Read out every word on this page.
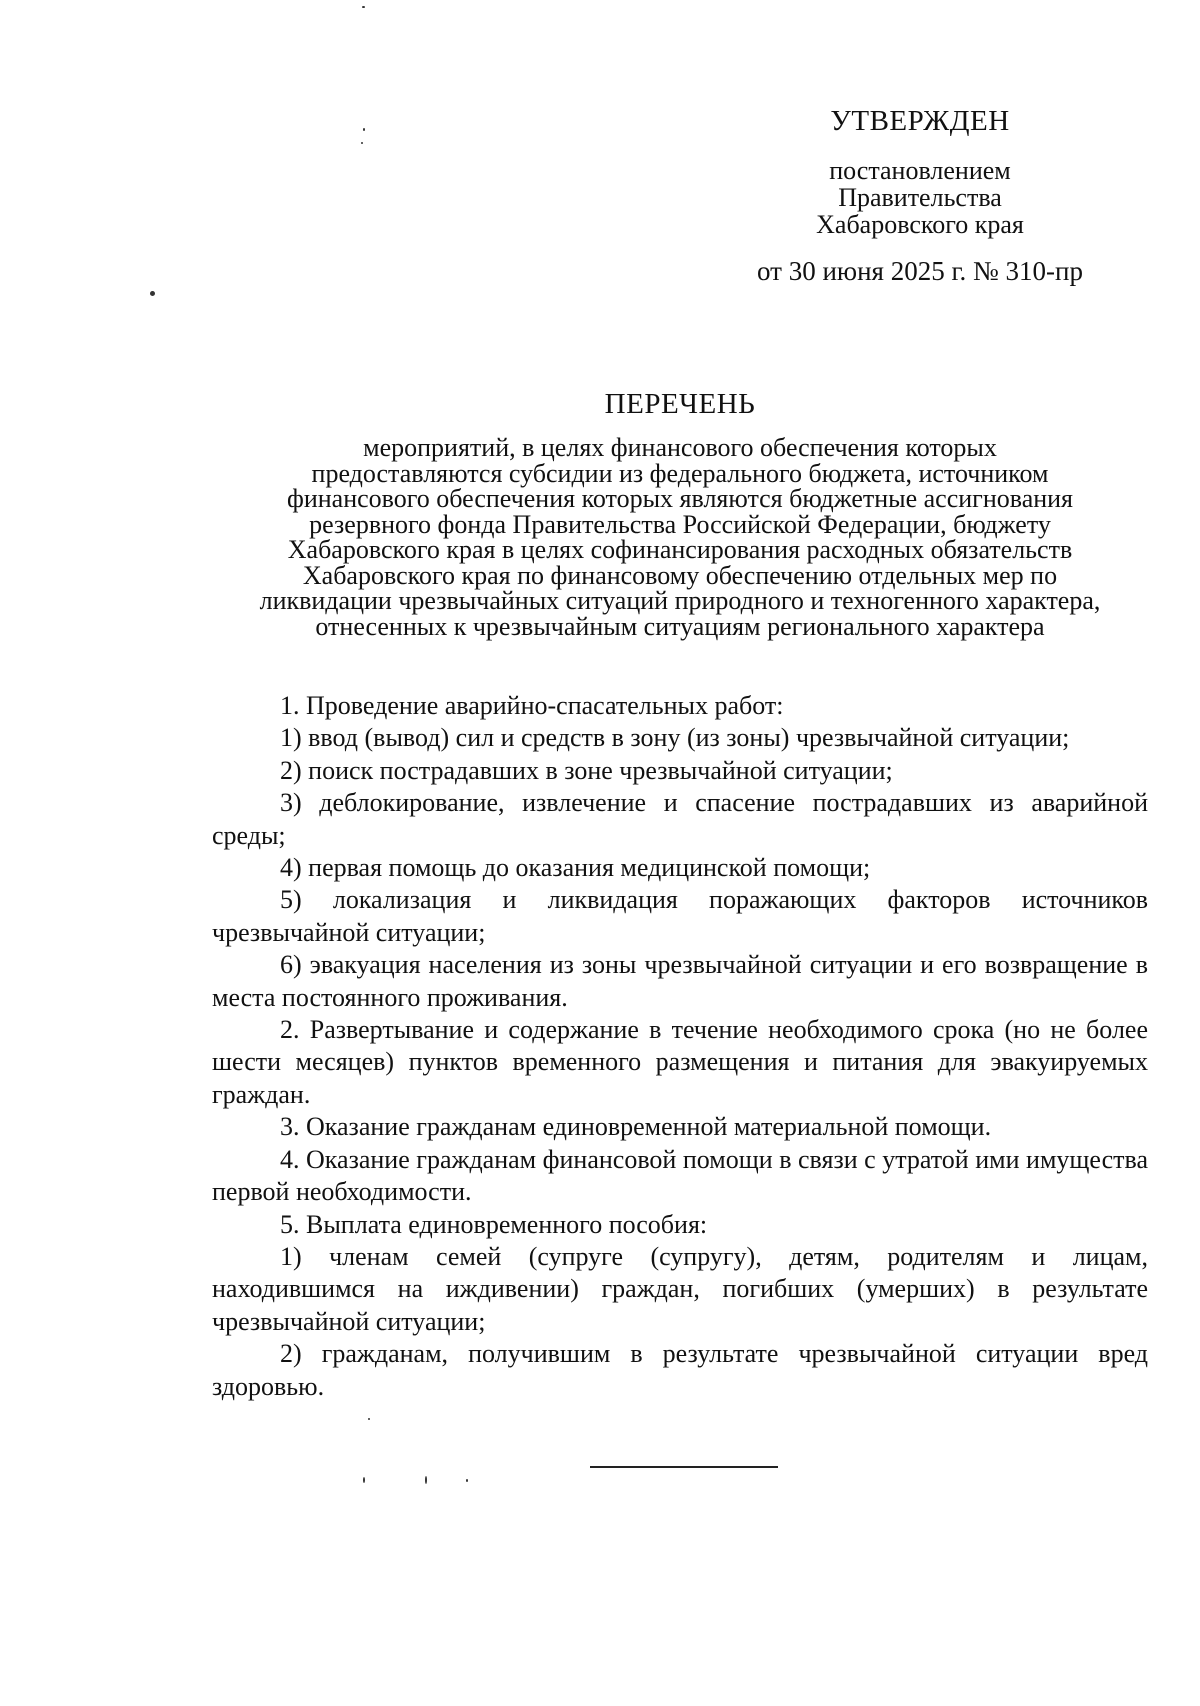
УТВЕРЖДЕН
постановлением
Правительства
Хабаровского края
от 30 июня 2025 г. № 310-пр
ПЕРЕЧЕНЬ
мероприятий, в целях финансового обеспечения которых
предоставляются субсидии из федерального бюджета, источником
финансового обеспечения которых являются бюджетные ассигнования
резервного фонда Правительства Российской Федерации, бюджету
Хабаровского края в целях софинансирования расходных обязательств
Хабаровского края по финансовому обеспечению отдельных мер по
ликвидации чрезвычайных ситуаций природного и техногенного характера,
отнесенных к чрезвычайным ситуациям регионального характера

1. Проведение аварийно-спасательных работ:

1) ввод (вывод) сил и средств в зону (из зоны) чрезвычайной ситуации;

2) поиск пострадавших в зоне чрезвычайной ситуации;

3) деблокирование, извлечение и спасение пострадавших из аварийной среды;

4) первая помощь до оказания медицинской помощи;

5) локализация и ликвидация поражающих факторов источников чрезвычайной ситуации;

6) эвакуация населения из зоны чрезвычайной ситуации и его возвращение в места постоянного проживания.

2. Развертывание и содержание в течение необходимого срока (но не более шести месяцев) пунктов временного размещения и питания для эвакуируемых граждан.

3. Оказание гражданам единовременной материальной помощи.

4. Оказание гражданам финансовой помощи в связи с утратой ими имущества первой необходимости.

5. Выплата единовременного пособия:

1) членам семей (супруге (супругу), детям, родителям и лицам, находившимся на иждивении) граждан, погибших (умерших) в результате чрезвычайной ситуации;

2) гражданам, получившим в результате чрезвычайной ситуации вред здоровью.
